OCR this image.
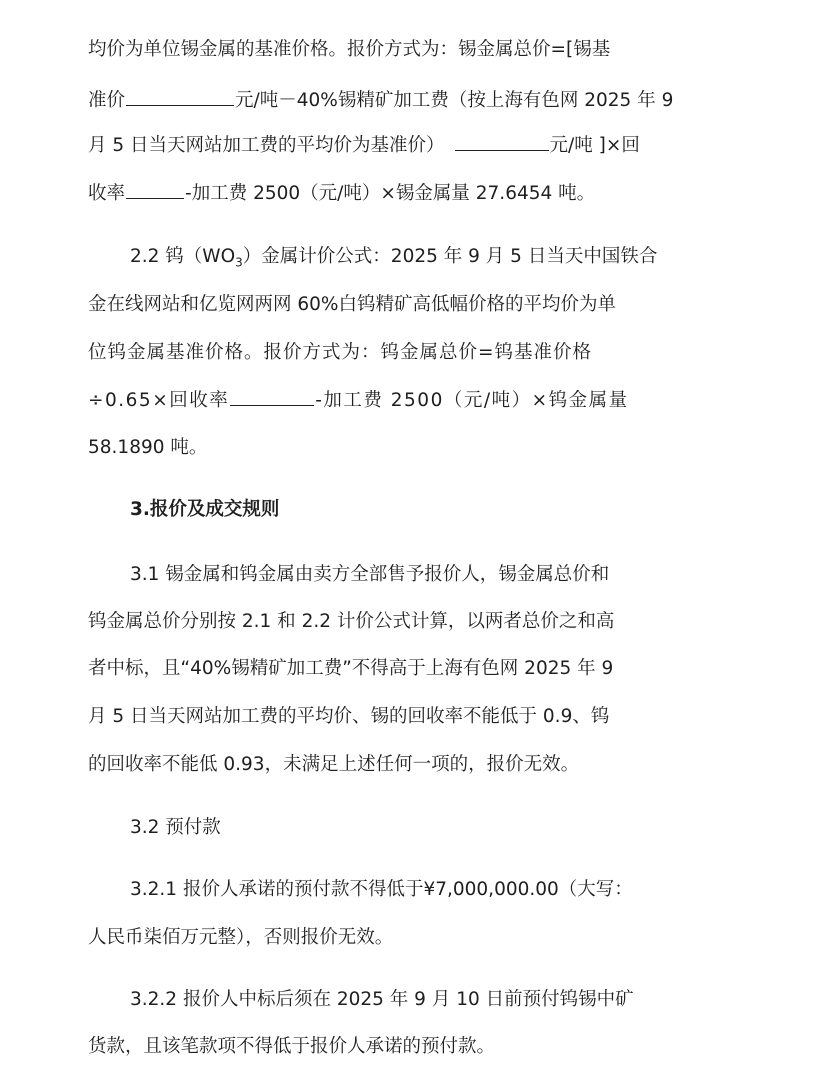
均价为单位锡金属的基准价格。报价方式为：锡金属总价=[锡基
准价	元/吨－40%锡精矿加工费（按上海有色网 2025 年 9
月 5 日当天网站加工费的平均价为基准价）	元/吨 ]×回
收率	-加工费 2500（元/吨）×锡金属量 27.6454 吨。
2.2 钨$(WO_3)$金属计价公式：2025 年 9 月 5 日当天中国铁合
金在线网站和亿览网两网 60%白钨精矿高低幅价格的平均价为单
位钨金属基准价格。报价方式为：钨金属总价=钨基准价格
÷0.65×回收率	-加工费 2500（元/吨）×钨金属量
58.1890 吨。
3.报价及成交规则
3.1 锡金属和钨金属由卖方全部售予报价人，锡金属总价和
钨金属总价分别按 2.1 和 2.2 计价公式计算，以两者总价之和高
者中标，且“40%锡精矿加工费”不得高于上海有色网 2025 年 9
月 5 日当天网站加工费的平均价、锡的回收率不能低于 0.9、钨
的回收率不能低 0.93，未满足上述任何一项的，报价无效。
3.2 预付款
3.2.1 报价人承诺的预付款不得低于¥7,000,000.00（大写：
人民币柒佰万元整），否则报价无效。
3.2.2 报价人中标后须在 2025 年 9 月 10 日前预付钨锡中矿
货款，且该笔款项不得低于报价人承诺的预付款。
